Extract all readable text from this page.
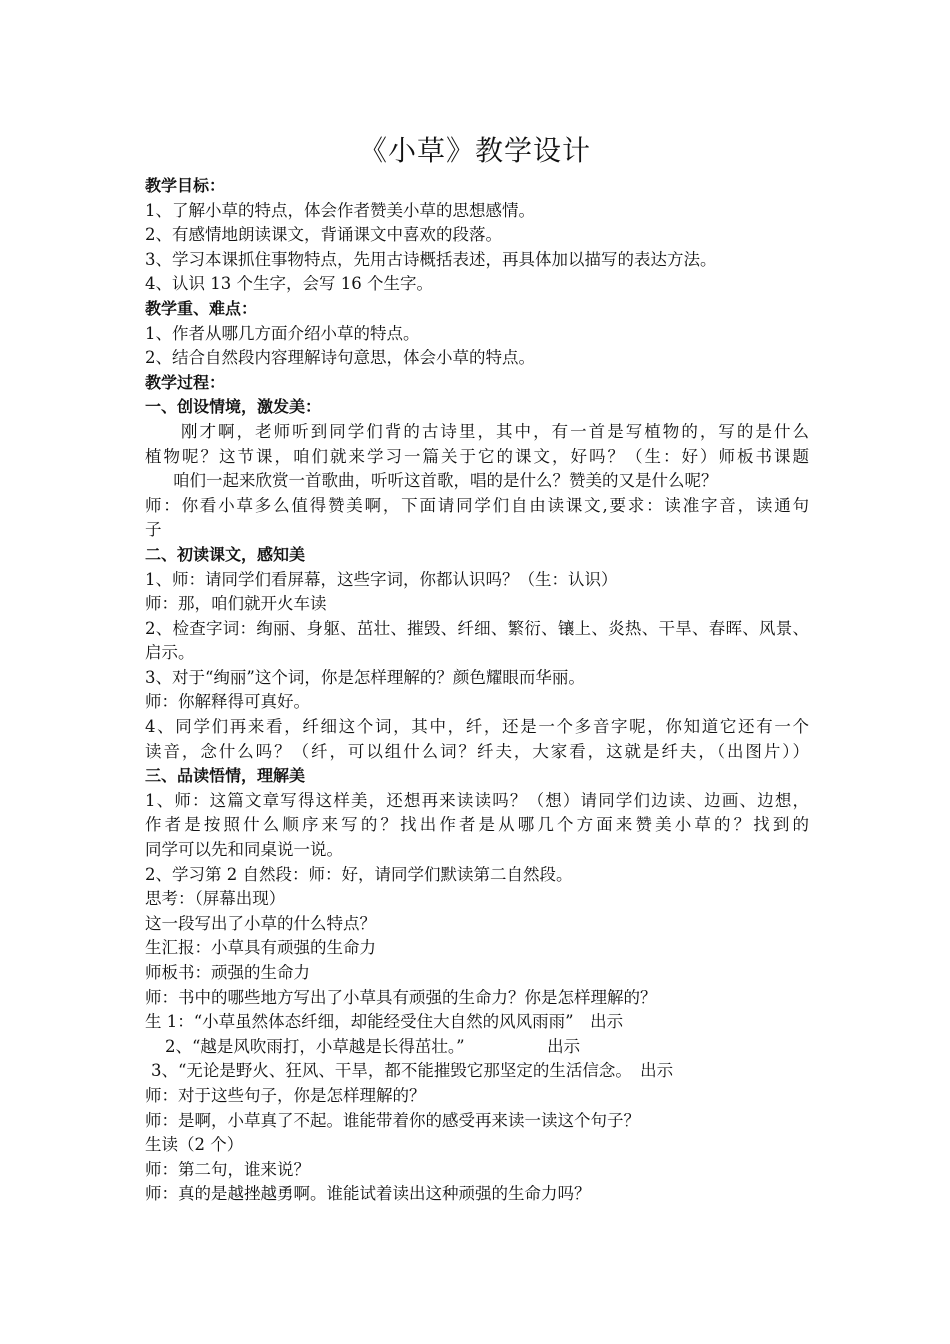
《小草》教学设计
教学目标：
1、了解小草的特点，体会作者赞美小草的思想感情。
2、有感情地朗读课文，背诵课文中喜欢的段落。
3、学习本课抓住事物特点，先用古诗概括表述，再具体加以描写的表达方法。
4、认识 13 个生字，会写 16 个生字。
教学重、难点：
1、作者从哪几方面介绍小草的特点。
2、结合自然段内容理解诗句意思，体会小草的特点。
教学过程：
一、创设情境，激发美：
刚才啊，老师听到同学们背的古诗里，其中，有一首是写植物的，写的是什么
植物呢？这节课，咱们就来学习一篇关于它的课文，好吗？（生：好）师板书课题
咱们一起来欣赏一首歌曲，听听这首歌，唱的是什么？赞美的又是什么呢？
师：你看小草多么值得赞美啊，下面请同学们自由读课文,要求：读准字音，读通句
子
二、初读课文，感知美
1、师：请同学们看屏幕，这些字词，你都认识吗？（生：认识）
师：那，咱们就开火车读
2、检查字词：绚丽、身躯、茁壮、摧毁、纤细、繁衍、镶上、炎热、干旱、春晖、风景、
启示。
3、对于“绚丽”这个词，你是怎样理解的？颜色耀眼而华丽。
师：你解释得可真好。
4、同学们再来看，纤细这个词，其中，纤，还是一个多音字呢，你知道它还有一个
读音，念什么吗？（纤，可以组什么词？纤夫，大家看，这就是纤夫，（出图片））
三、品读悟情，理解美
1、师：这篇文章写得这样美，还想再来读读吗？（想）请同学们边读、边画、边想，
作者是按照什么顺序来写的？找出作者是从哪几个方面来赞美小草的？找到的
同学可以先和同桌说一说。
2、学习第 2 自然段：师：好，请同学们默读第二自然段。
思考：（屏幕出现）
这一段写出了小草的什么特点？
生汇报：小草具有顽强的生命力
师板书：顽强的生命力
师：书中的哪些地方写出了小草具有顽强的生命力？你是怎样理解的？
生 1：“小草虽然体态纤细，却能经受住大自然的风风雨雨”　出示
2、“越是风吹雨打，小草越是长得茁壮。”　　　　　出示
3、“无论是野火、狂风、干旱，都不能摧毁它那坚定的生活信念。　出示
师：对于这些句子，你是怎样理解的？
师：是啊，小草真了不起。谁能带着你的感受再来读一读这个句子？
生读（2 个）
师：第二句，谁来说？
师：真的是越挫越勇啊。谁能试着读出这种顽强的生命力吗？
